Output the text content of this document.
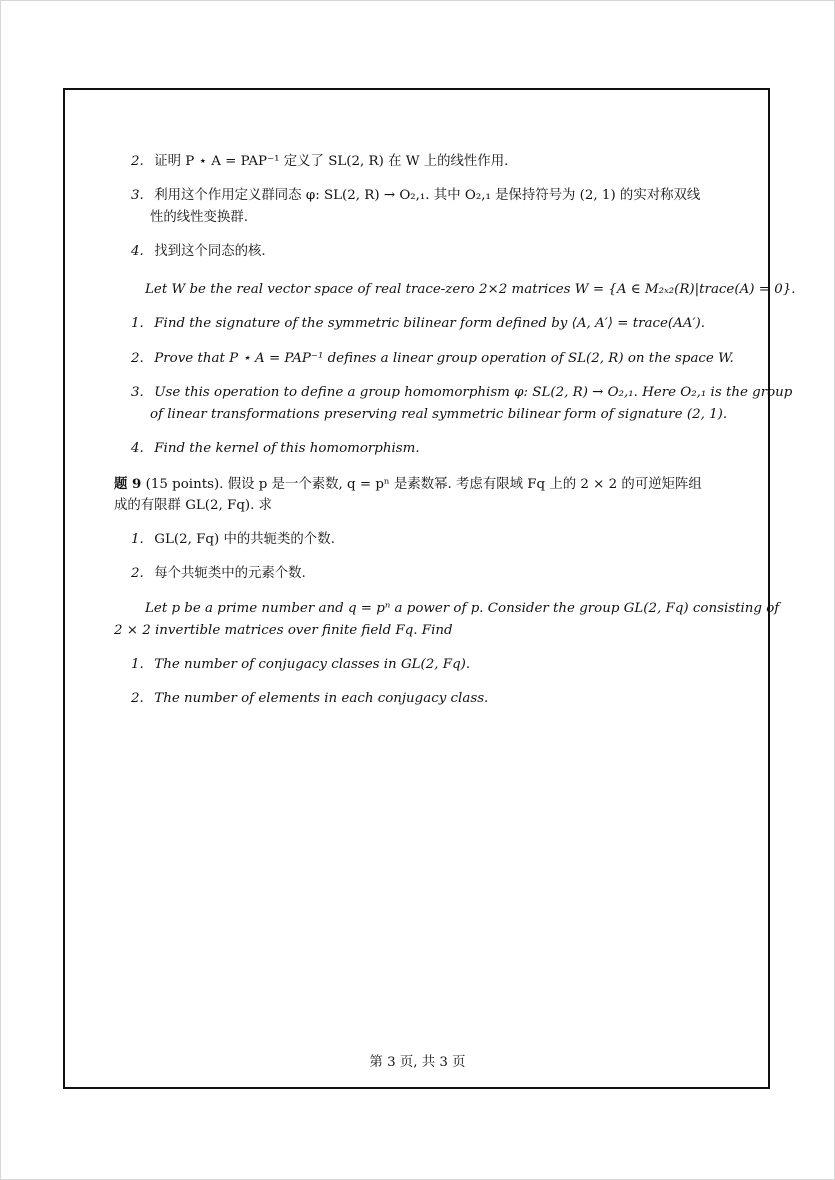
2. 证明 P ⋆ A = PAP⁻¹ 定义了 SL(2, R) 在 W 上的线性作用.
3. 利用这个作用定义群同态 φ: SL(2, R) → O₂,₁. 其中 O₂,₁ 是保持符号为 (2, 1) 的实对称双线
性的线性变换群.
4. 找到这个同态的核.
Let W be the real vector space of real trace-zero 2×2 matrices W = {A ∈ M₂ₓ₂(R)|trace(A) = 0}.
1. Find the signature of the symmetric bilinear form defined by ⟨A, A′⟩ = trace(AA′).
2. Prove that P ⋆ A = PAP⁻¹ defines a linear group operation of SL(2, R) on the space W.
3. Use this operation to define a group homomorphism φ: SL(2, R) → O₂,₁. Here O₂,₁ is the group
of linear transformations preserving real symmetric bilinear form of signature (2, 1).
4. Find the kernel of this homomorphism.
题 9 (15 points). 假设 p 是一个素数, q = pⁿ 是素数幂. 考虑有限域 Fq 上的 2 × 2 的可逆矩阵组
成的有限群 GL(2, Fq). 求
1. GL(2, Fq) 中的共轭类的个数.
2. 每个共轭类中的元素个数.
Let p be a prime number and q = pⁿ a power of p. Consider the group GL(2, Fq) consisting of
2 × 2 invertible matrices over finite field Fq. Find
1. The number of conjugacy classes in GL(2, Fq).
2. The number of elements in each conjugacy class.
第 3 页, 共 3 页
